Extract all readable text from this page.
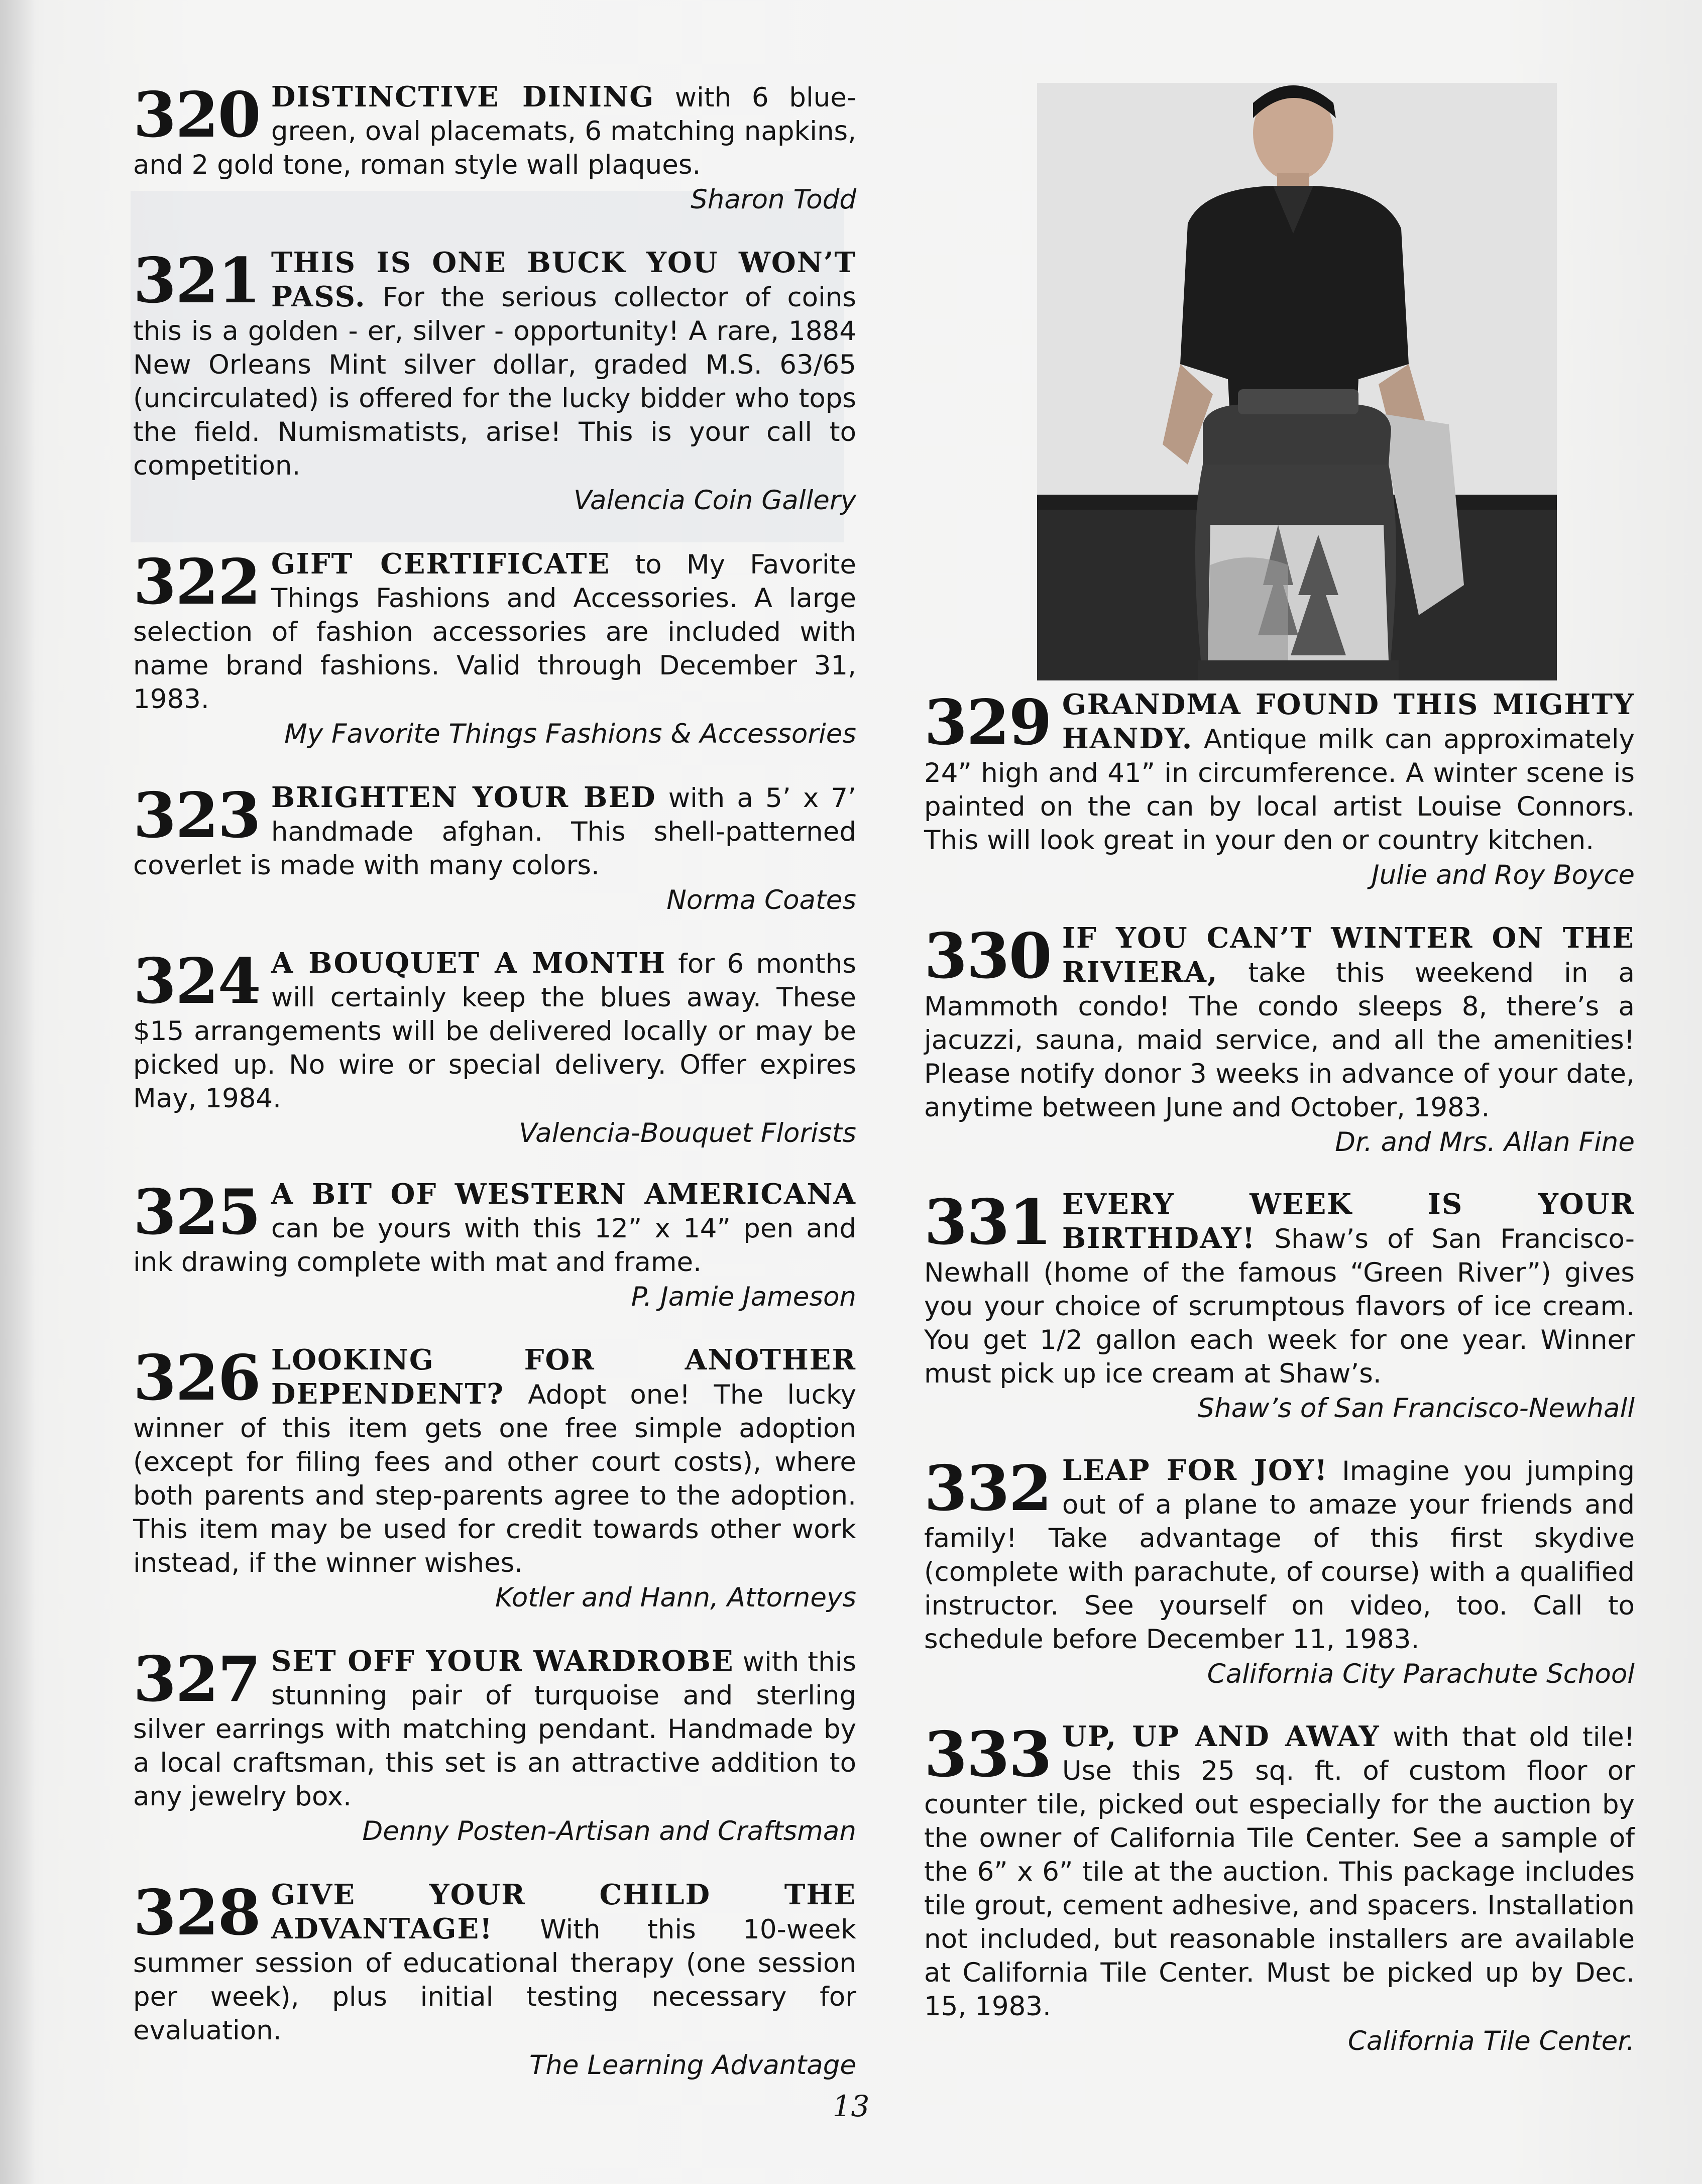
320 DISTINCTIVE DINING with 6 blue-green, oval placemats, 6 matching napkins, and 2 gold tone, roman style wall plaques.

Sharon Todd

321 THIS IS ONE BUCK YOU WON’T PASS. For the serious collector of coins this is a golden - er, silver - opportunity! A rare, 1884 New Orleans Mint silver dollar, graded M.S. 63/65 (uncirculated) is offered for the lucky bidder who tops the field. Numismatists, arise! This is your call to competition.

Valencia Coin Gallery

322 GIFT CERTIFICATE to My Favorite Things Fashions and Accessories. A large selection of fashion accessories are included with name brand fashions. Valid through December 31, 1983.

My Favorite Things Fashions & Accessories

323 BRIGHTEN YOUR BED with a 5’ x 7’ handmade afghan. This shell-patterned coverlet is made with many colors.

Norma Coates

324 A BOUQUET A MONTH for 6 months will certainly keep the blues away. These $15 arrangements will be delivered locally or may be picked up. No wire or special delivery. Offer expires May, 1984.

Valencia-Bouquet Florists

325 A BIT OF WESTERN AMERICANA can be yours with this 12” x 14” pen and ink drawing complete with mat and frame.

P. Jamie Jameson

326 LOOKING FOR ANOTHER DEPENDENT? Adopt one! The lucky winner of this item gets one free simple adoption (except for filing fees and other court costs), where both parents and step-parents agree to the adoption. This item may be used for credit towards other work instead, if the winner wishes.

Kotler and Hann, Attorneys

327 SET OFF YOUR WARDROBE with this stunning pair of turquoise and sterling silver earrings with matching pendant. Handmade by a local craftsman, this set is an attractive addition to any jewelry box.

Denny Posten-Artisan and Craftsman

328 GIVE YOUR CHILD THE ADVANTAGE! With this 10-week summer session of educational therapy (one session per week), plus initial testing necessary for evaluation.

The Learning Advantage

329 GRANDMA FOUND THIS MIGHTY HANDY. Antique milk can approximately 24” high and 41” in circumference. A winter scene is painted on the can by local artist Louise Connors. This will look great in your den or country kitchen.

Julie and Roy Boyce

330 IF YOU CAN’T WINTER ON THE RIVIERA, take this weekend in a Mammoth condo! The condo sleeps 8, there’s a jacuzzi, sauna, maid service, and all the amenities! Please notify donor 3 weeks in advance of your date, anytime between June and October, 1983.

Dr. and Mrs. Allan Fine

331 EVERY WEEK IS YOUR BIRTHDAY! Shaw’s of San Francisco-Newhall (home of the famous “Green River”) gives you your choice of scrumptous flavors of ice cream. You get 1/2 gallon each week for one year. Winner must pick up ice cream at Shaw’s.

Shaw’s of San Francisco-Newhall

332 LEAP FOR JOY! Imagine you jumping out of a plane to amaze your friends and family! Take advantage of this first skydive (complete with parachute, of course) with a qualified instructor. See yourself on video, too. Call to schedule before December 11, 1983.

California City Parachute School

333 UP, UP AND AWAY with that old tile! Use this 25 sq. ft. of custom floor or counter tile, picked out especially for the auction by the owner of California Tile Center. See a sample of the 6” x 6” tile at the auction. This package includes tile grout, cement adhesive, and spacers. Installation not included, but reasonable installers are available at California Tile Center. Must be picked up by Dec. 15, 1983.

California Tile Center.

13
